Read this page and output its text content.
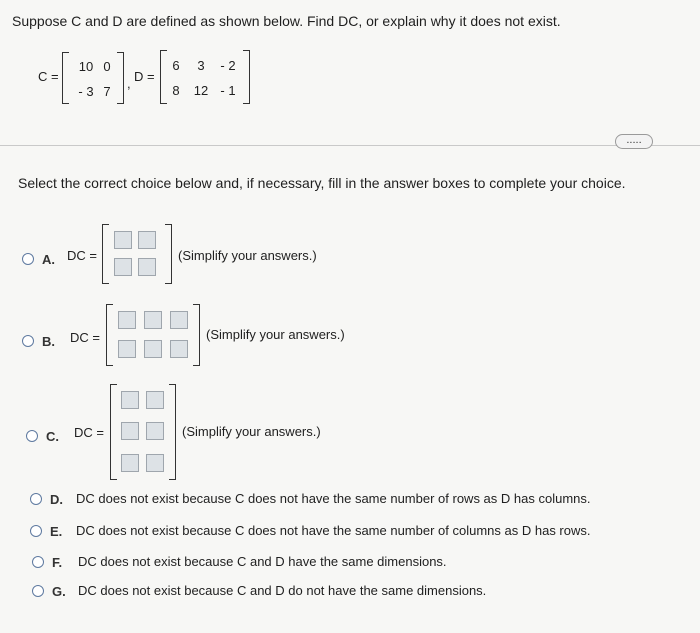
Suppose C and D are defined as shown below. Find DC, or explain why it does not exist.
C =
10 0
- 3 7
, D =
6	3	- 2
8	12 - 1
.....
Select the correct choice below and, if necessary, fill in the answer boxes to complete your choice.
A. DC =	(Simplify your answers.)
B. DC =	(Simplify your answers.)
C. DC =	(Simplify your answers.)
D. DC does not exist because C does not have the same number of rows as D has columns.
E. DC does not exist because C does not have the same number of columns as D has rows.
F. DC does not exist because C and D have the same dimensions.
G. DC does not exist because C and D do not have the same dimensions.
